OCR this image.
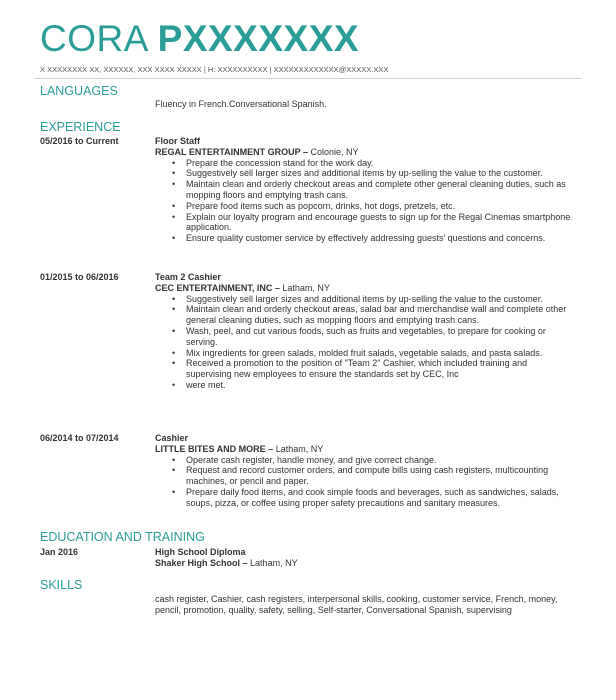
CORA PXXXXXXX
X XXXXXXXX XX, XXXXXX, XXX XXXX XXXXX | H: XXXXXXXXXX | XXXXXXXXXXXXX@XXXXX.XXX
LANGUAGES
Fluency in French.Conversational Spanish.
EXPERIENCE
05/2016 to Current	Floor Staff
REGAL ENTERTAINMENT GROUP – Colonie, NY
• Prepare the concession stand for the work day.
• Suggestively sell larger sizes and additional items by up-selling the value to the customer.
• Maintain clean and orderly checkout areas and complete other general cleaning duties, such as mopping floors and emptying trash cans.
• Prepare food items such as popcorn, drinks, hot dogs, pretzels, etc.
• Explain our loyalty program and encourage guests to sign up for the Regal Cinemas smartphone application.
• Ensure quality customer service by effectively addressing guests' questions and concerns.
01/2015 to 06/2016	Team 2 Cashier
CEC ENTERTAINMENT, INC – Latham, NY
• Suggestively sell larger sizes and additional items by up-selling the value to the customer.
• Maintain clean and orderly checkout areas, salad bar and merchandise wall and complete other general cleaning duties, such as mopping floors and emptying trash cans.
• Wash, peel, and cut various foods, such as fruits and vegetables, to prepare for cooking or serving.
• Mix ingredients for green salads, molded fruit salads, vegetable salads, and pasta salads.
• Received a promotion to the position of "Team 2" Cashier, which included training and supervising new employees to ensure the standards set by CEC, Inc
• were met.
06/2014 to 07/2014	Cashier
LITTLE BITES AND MORE – Latham, NY
• Operate cash register, handle money, and give correct change.
• Request and record customer orders, and compute bills using cash registers, multicounting machines, or pencil and paper.
• Prepare daily food items, and cook simple foods and beverages, such as sandwiches, salads, soups, pizza, or coffee using proper safety precautions and sanitary measures.
EDUCATION AND TRAINING
Jan 2016	High School Diploma
Shaker High School – Latham, NY
SKILLS
cash register, Cashier, cash registers, interpersonal skills, cooking, customer service, French, money, pencil, promotion, quality, safety, selling, Self-starter, Conversational Spanish, supervising
